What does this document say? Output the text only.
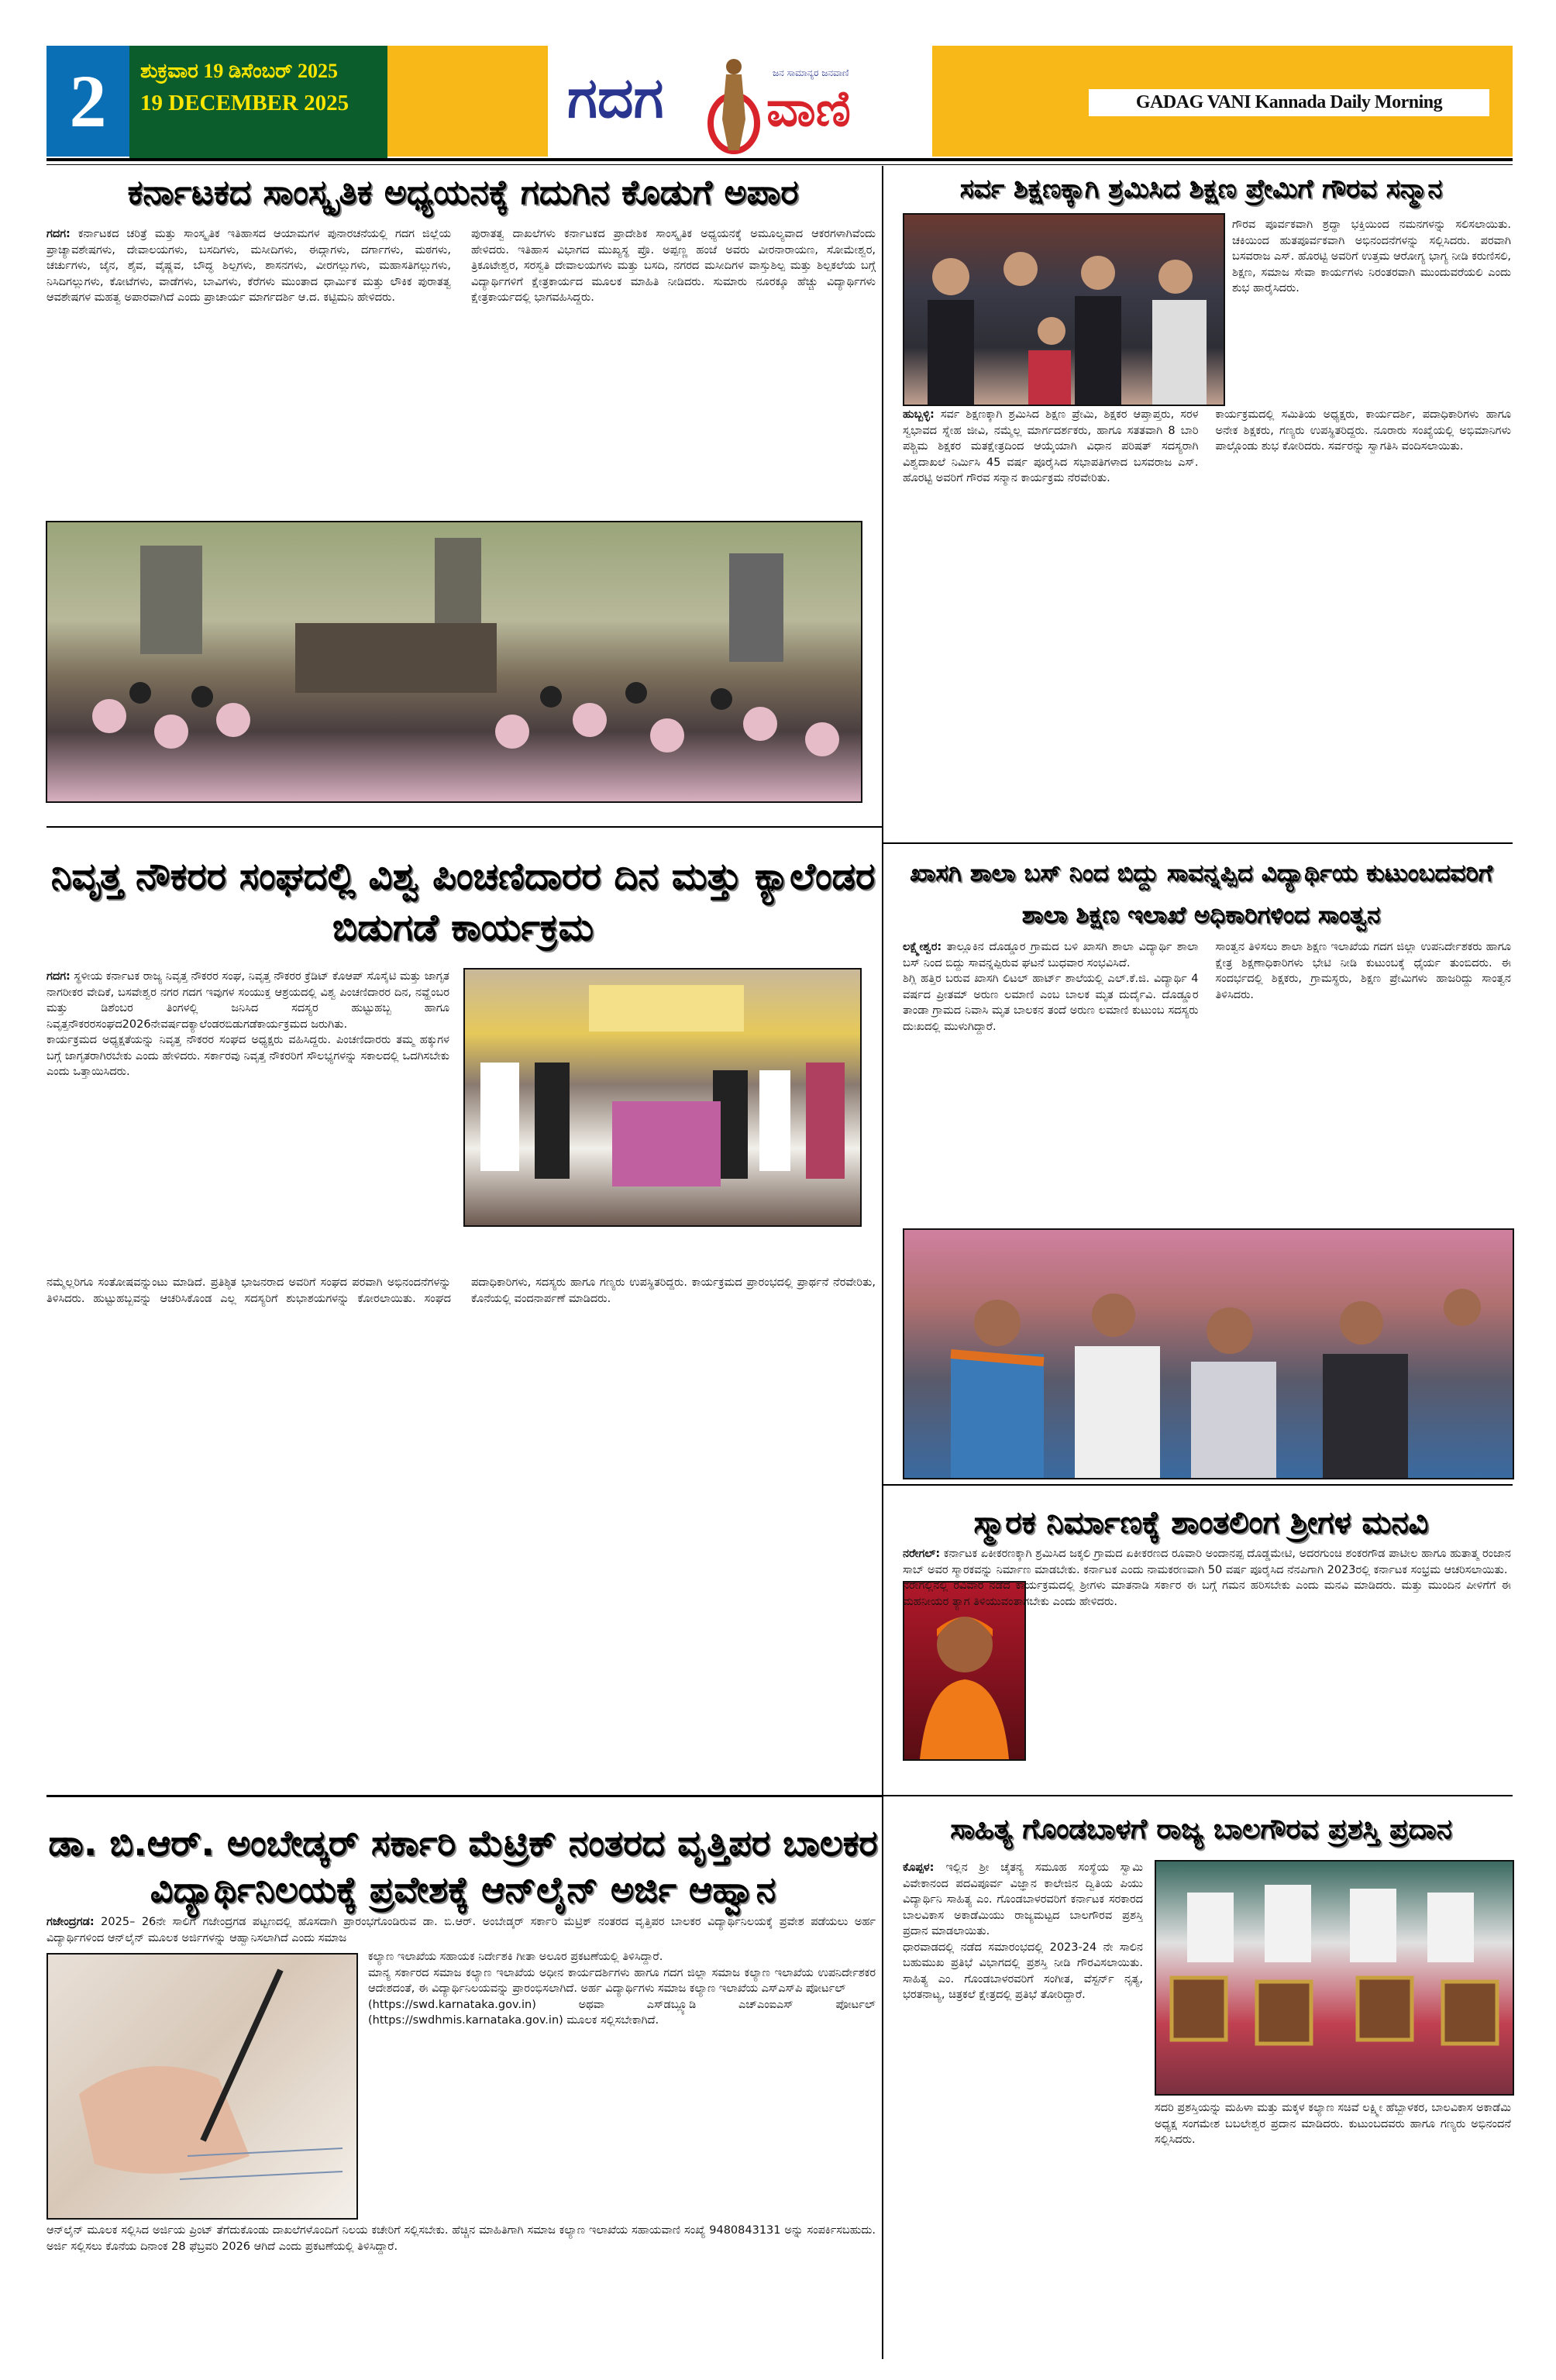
2	ಶುಕ್ರವಾರ 19 ಡಿಸೆಂಬರ್ 2025
19 DECEMBER 2025	ಗದಗ	ಜನ ಸಾಮಾನ್ಯರ ಜನವಾಣಿ
ವಾಣಿ	GADAG VANI Kannada Daily Morning
ಕರ್ನಾಟಕದ ಸಾಂಸ್ಕೃತಿಕ ಅಧ್ಯಯನಕ್ಕೆ ಗದುಗಿನ ಕೊಡುಗೆ ಅಪಾರ

ಗದಗ: ಕರ್ನಾಟಕದ ಚರಿತ್ರೆ ಮತ್ತು ಸಾಂಸ್ಕೃತಿಕ ಇತಿಹಾಸದ ಆಯಾಮಗಳ ಪುನಾರಚನೆಯಲ್ಲಿ ಗದಗ ಜಿಲ್ಲೆಯ ಪ್ರಾಚ್ಯಾವಶೇಷಗಳು, ದೇವಾಲಯಗಳು, ಬಸದಿಗಳು, ಮಸೀದಿಗಳು, ಈದ್ಗಾಗಳು, ದರ್ಗಾಗಳು, ಮಠಗಳು, ಚರ್ಚುಗಳು, ಜೈನ, ಶೈವ, ವೈಷ್ಣವ, ಬೌದ್ಧ ಶಿಲ್ಪಗಳು, ಶಾಸನಗಳು, ವೀರಗಲ್ಲುಗಳು, ಮಹಾಸತಿಗಲ್ಲುಗಳು, ನಿಸಿದಿಗಲ್ಲುಗಳು, ಕೋಟೆಗಳು, ವಾಡೆಗಳು, ಬಾವಿಗಳು, ಕೆರೆಗಳು ಮುಂತಾದ ಧಾರ್ಮಿಕ ಮತ್ತು ಲೌಕಿಕ ಪುರಾತತ್ವ ಆವಶೇಷಗಳ ಮಹತ್ವ ಅಪಾರವಾಗಿದೆ ಎಂದು ಪ್ರಾಚಾರ್ಯ ಮಾರ್ಗದರ್ಶಿ ಆ.ದ. ಕಟ್ಟಿಮನಿ ಹೇಳಿದರು.

ಪುರಾತತ್ವ ದಾಖಲೆಗಳು ಕರ್ನಾಟಕದ ಪ್ರಾದೇಶಿಕ ಸಾಂಸ್ಕೃತಿಕ ಅಧ್ಯಯನಕ್ಕೆ ಅಮೂಲ್ಯವಾದ ಆಕರಗಳಾಗಿವೆಂದು ಹೇಳಿದರು. ಇತಿಹಾಸ ವಿಭಾಗದ ಮುಖ್ಯಸ್ಥ ಪ್ರೊ. ಅಪ್ಪಣ್ಣ ಹಂಜೆ ಅವರು ವೀರನಾರಾಯಣ, ಸೋಮೇಶ್ವರ, ತ್ರಿಕೂಟೇಶ್ವರ, ಸರಸ್ವತಿ ದೇವಾಲಯಗಳು ಮತ್ತು ಬಸದಿ, ನಗರದ ಮಸೀದಿಗಳ ವಾಸ್ತುಶಿಲ್ಪ ಮತ್ತು ಶಿಲ್ಪಕಲೆಯ ಬಗ್ಗೆ ವಿದ್ಯಾರ್ಥಿಗಳಿಗೆ ಕ್ಷೇತ್ರಕಾರ್ಯದ ಮೂಲಕ ಮಾಹಿತಿ ನೀಡಿದರು. ಸುಮಾರು ನೂರಕ್ಕೂ ಹೆಚ್ಚು ವಿದ್ಯಾರ್ಥಿಗಳು ಕ್ಷೇತ್ರಕಾರ್ಯದಲ್ಲಿ ಭಾಗವಹಿಸಿದ್ದರು.

ನಿವೃತ್ತ ನೌಕರರ ಸಂಘದಲ್ಲಿ ವಿಶ್ವ ಪಿಂಚಣಿದಾರರ ದಿನ ಮತ್ತು ಕ್ಯಾಲೆಂಡರ ಬಿಡುಗಡೆ ಕಾರ್ಯಕ್ರಮ

ಗದಗ: ಸ್ಥಳೀಯ ಕರ್ನಾಟಕ ರಾಜ್ಯ ನಿವೃತ್ತ ನೌಕರರ ಸಂಘ, ನಿವೃತ್ತ ನೌಕರರ ಕ್ರೆಡಿಟ್ ಕೊಆಪ್ ಸೊಸೈಟಿ ಮತ್ತು ಜಾಗೃತ ನಾಗರೀಕರ ವೇದಿಕೆ, ಬಸವೇಶ್ವರ ನಗರ ಗದಗ ಇವುಗಳ ಸಂಯುಕ್ತ ಆಶ್ರಯದಲ್ಲಿ ವಿಶ್ವ ಪಿಂಚಣಿದಾರರ ದಿನ, ನವ್ಹೆಂಬರ ಮತ್ತು ಡಿಶೆಂಬರ ತಿಂಗಳಲ್ಲಿ ಜನಿಸಿದ ಸದಸ್ಯರ ಹುಟ್ಟುಹಬ್ಬ ಹಾಗೂ ನಿವೃತ್ತನೌಕರರಸಂಘದ2026ನೇವರ್ಷದಕ್ಯಾಲೆಂಡರಬಿಡುಗಡೆಕಾರ್ಯಕ್ರಮದ ಜರುಗಿತು.

ಕಾರ್ಯಕ್ರಮದ ಅಧ್ಯಕ್ಷತೆಯನ್ನು ನಿವೃತ್ತ ನೌಕರರ ಸಂಘದ ಅಧ್ಯಕ್ಷರು ವಹಿಸಿದ್ದರು. ಪಿಂಚಣಿದಾರರು ತಮ್ಮ ಹಕ್ಕುಗಳ ಬಗ್ಗೆ ಜಾಗೃತರಾಗಿರಬೇಕು ಎಂದು ಹೇಳಿದರು. ಸರ್ಕಾರವು ನಿವೃತ್ತ ನೌಕರರಿಗೆ ಸೌಲಭ್ಯಗಳನ್ನು ಸಕಾಲದಲ್ಲಿ ಒದಗಿಸಬೇಕು ಎಂದು ಒತ್ತಾಯಿಸಿದರು.

ನಮ್ಮೆಲ್ಲರಿಗೂ ಸಂತೋಷವನ್ನುಂಟು ಮಾಡಿದೆ. ಪ್ರತಿಶ್ಠಿತ ಭಾಜನರಾದ ಅವರಿಗೆ ಸಂಘದ ಪರವಾಗಿ ಅಭಿನಂದನೆಗಳನ್ನು ತಿಳಿಸಿದರು. ಹುಟ್ಟುಹಬ್ಬವನ್ನು ಆಚರಿಸಿಕೊಂಡ ಎಲ್ಲ ಸದಸ್ಯರಿಗೆ ಶುಭಾಶಯಗಳನ್ನು ಕೋರಲಾಯಿತು. ಸಂಘದ ಪದಾಧಿಕಾರಿಗಳು, ಸದಸ್ಯರು ಹಾಗೂ ಗಣ್ಯರು ಉಪಸ್ಥಿತರಿದ್ದರು. ಕಾರ್ಯಕ್ರಮದ ಪ್ರಾರಂಭದಲ್ಲಿ ಪ್ರಾರ್ಥನೆ ನೆರವೇರಿತು, ಕೊನೆಯಲ್ಲಿ ವಂದನಾರ್ಪಣೆ ಮಾಡಿದರು.

ಡಾ. ಬಿ.ಆರ್. ಅಂಬೇಡ್ಕರ್ ಸರ್ಕಾರಿ ಮೆಟ್ರಿಕ್ ನಂತರದ ವೃತ್ತಿಪರ ಬಾಲಕರ ವಿದ್ಯಾರ್ಥಿನಿಲಯಕ್ಕೆ ಪ್ರವೇಶಕ್ಕೆ ಆನ್‌ಲೈನ್ ಅರ್ಜಿ ಆಹ್ವಾನ

ಗಜೇಂದ್ರಗಡ: 2025– 26ನೇ ಸಾಲಿಗೆ ಗಜೇಂದ್ರಗಡ ಪಟ್ಟಣದಲ್ಲಿ ಹೊಸದಾಗಿ ಪ್ರಾರಂಭಗೊಂಡಿರುವ ಡಾ. ಬಿ.ಆರ್. ಅಂಬೇಡ್ಕರ್ ಸರ್ಕಾರಿ ಮೆಟ್ರಿಕ್ ನಂತರದ ವೃತ್ತಿಪರ ಬಾಲಕರ ವಿದ್ಯಾರ್ಥಿನಿಲಯಕ್ಕೆ ಪ್ರವೇಶ ಪಡೆಯಲು ಅರ್ಹ ವಿದ್ಯಾರ್ಥಿಗಳಿಂದ ಆನ್‌ಲೈನ್ ಮೂಲಕ ಅರ್ಜಿಗಳನ್ನು ಆಹ್ವಾನಿಸಲಾಗಿದೆ ಎಂದು ಸಮಾಜ

ಕಲ್ಯಾಣ ಇಲಾಖೆಯ ಸಹಾಯಕ ನಿರ್ದೇಶಕಿ ಗೀತಾ ಅಲೂರ ಪ್ರಕಟಣೆಯಲ್ಲಿ ತಿಳಿಸಿದ್ದಾರೆ.

ಮಾನ್ಯ ಸರ್ಕಾರದ ಸಮಾಜ ಕಲ್ಯಾಣ ಇಲಾಖೆಯ ಅಧೀನ ಕಾರ್ಯದರ್ಶಿಗಳು ಹಾಗೂ ಗದಗ ಜಿಲ್ಲಾ ಸಮಾಜ ಕಲ್ಯಾಣ ಇಲಾಖೆಯ ಉಪನಿರ್ದೇಶಕರ ಆದೇಶದಂತೆ, ಈ ವಿದ್ಯಾರ್ಥಿನಿಲಯವನ್ನು ಪ್ರಾರಂಭಿಸಲಾಗಿದೆ. ಅರ್ಹ ವಿದ್ಯಾರ್ಥಿಗಳು ಸಮಾಜ ಕಲ್ಯಾಣ ಇಲಾಖೆಯ ಎಸ್‌ಎಸ್‌ಪಿ ಪೋರ್ಟಲ್

(https://swd.karnataka.gov.in) ಅಥವಾ ಎಸ್‌ಡಬ್ಲ್ಯೂಡಿ ಎಚ್‌ಎಂಐಎಸ್ ಪೋರ್ಟಲ್ (https://swdhmis.karnataka.gov.in) ಮೂಲಕ ಸಲ್ಲಿಸಬೇಕಾಗಿದೆ.

ಆನ್‌ಲೈನ್ ಮೂಲಕ ಸಲ್ಲಿಸಿದ ಅರ್ಜಿಯ ಪ್ರಿಂಟ್ ತೆಗೆದುಕೊಂಡು ದಾಖಲೆಗಳೊಂದಿಗೆ ನಿಲಯ ಕಚೇರಿಗೆ ಸಲ್ಲಿಸಬೇಕು. ಹೆಚ್ಚಿನ ಮಾಹಿತಿಗಾಗಿ ಸಮಾಜ ಕಲ್ಯಾಣ ಇಲಾಖೆಯ ಸಹಾಯವಾಣಿ ಸಂಖ್ಯೆ 9480843131 ಅನ್ನು ಸಂಪರ್ಕಿಸಬಹುದು. ಅರ್ಜಿ ಸಲ್ಲಿಸಲು ಕೊನೆಯ ದಿನಾಂಕ 28 ಫೆಬ್ರವರಿ 2026 ಆಗಿದೆ ಎಂದು ಪ್ರಕಟಣೆಯಲ್ಲಿ ತಿಳಿಸಿದ್ದಾರೆ.

ಸರ್ವ ಶಿಕ್ಷಣಕ್ಕಾಗಿ ಶ್ರಮಿಸಿದ ಶಿಕ್ಷಣ ಪ್ರೇಮಿಗೆ ಗೌರವ ಸನ್ಮಾನ
ಗೌರವ ಪೂರ್ವಕವಾಗಿ ಶ್ರದ್ಧಾ ಭಕ್ತಿಯಿಂದ ನಮನಗಳನ್ನು ಸಲಿಸಲಾಯಿತು. ಚಕಿಯಿಂದ ಹುತಪೂರ್ವಕವಾಗಿ ಅಭಿನಂದನೆಗಳನ್ನು ಸಲ್ಲಿಸಿದರು. ಪರವಾಗಿ ಬಸವರಾಜ ಎಸ್. ಹೊರಟ್ಟಿ ಅವರಿಗೆ ಉತ್ತಮ ಆರೋಗ್ಯ ಭಾಗ್ಯ ನೀಡಿ ಕರುಣಿಸಲಿ, ಶಿಕ್ಷಣ, ಸಮಾಜ ಸೇವಾ ಕಾರ್ಯಗಳು ನಿರಂತರವಾಗಿ ಮುಂದುವರೆಯಲಿ ಎಂದು ಶುಭ ಹಾರೈಸಿದರು.

ಹುಬ್ಬಳ್ಳಿ: ಸರ್ವ ಶಿಕ್ಷಣಕ್ಕಾಗಿ ಶ್ರಮಿಸಿದ ಶಿಕ್ಷಣ ಪ್ರೇಮಿ, ಶಿಕ್ಷಕರ ಆಪ್ತಾಪ್ತರು, ಸರಳ ಸ್ವಭಾವದ ಸ್ನೇಹ ಜೀವಿ, ನಮ್ಮೆಲ್ಲ ಮಾರ್ಗದರ್ಶಕರು, ಹಾಗೂ ಸತತವಾಗಿ 8 ಬಾರಿ ಪಶ್ಚಿಮ ಶಿಕ್ಷಕರ ಮತಕ್ಷೇತ್ರದಿಂದ ಆಯ್ಕೆಯಾಗಿ ವಿಧಾನ ಪರಿಷತ್ ಸದಸ್ಯರಾಗಿ ವಿಶ್ವದಾಖಲೆ ನಿರ್ಮಿಸಿ 45 ವರ್ಷ ಪೂರೈಸಿದ ಸಭಾಪತಿಗಳಾದ ಬಸವರಾಜ ಎಸ್. ಹೊರಟ್ಟಿ ಅವರಿಗೆ ಗೌರವ ಸನ್ಮಾನ ಕಾರ್ಯಕ್ರಮ ನೆರವೇರಿತು.

ಕಾರ್ಯಕ್ರಮದಲ್ಲಿ ಸಮಿತಿಯ ಅಧ್ಯಕ್ಷರು, ಕಾರ್ಯದರ್ಶಿ, ಪದಾಧಿಕಾರಿಗಳು ಹಾಗೂ ಅನೇಕ ಶಿಕ್ಷಕರು, ಗಣ್ಯರು ಉಪಸ್ಥಿತರಿದ್ದರು. ನೂರಾರು ಸಂಖ್ಯೆಯಲ್ಲಿ ಅಭಿಮಾನಿಗಳು ಪಾಲ್ಗೊಂಡು ಶುಭ ಕೋರಿದರು. ಸರ್ವರನ್ನು ಸ್ವಾಗತಿಸಿ ವಂದಿಸಲಾಯಿತು.

ಖಾಸಗಿ ಶಾಲಾ ಬಸ್ ನಿಂದ ಬಿದ್ದು ಸಾವನ್ನಪ್ಪಿದ ವಿದ್ಯಾರ್ಥಿಯ ಕುಟುಂಬದವರಿಗೆ ಶಾಲಾ ಶಿಕ್ಷಣ ಇಲಾಖೆ ಅಧಿಕಾರಿಗಳಿಂದ ಸಾಂತ್ವನ

ಲಕ್ಷ್ಮೇಶ್ವರ: ತಾಲ್ಲೂಕಿನ ದೊಡ್ಡೂರ ಗ್ರಾಮದ ಬಳಿ ಖಾಸಗಿ ಶಾಲಾ ವಿದ್ಯಾರ್ಥಿ ಶಾಲಾ ಬಸ್ ನಿಂದ ಬಿದ್ದು ಸಾವನ್ನಪ್ಪಿರುವ ಘಟನೆ ಬುಧವಾರ ಸಂಭವಿಸಿದೆ.

ಶಿಗ್ಲಿ ಹತ್ತಿರ ಬರುವ ಖಾಸಗಿ ಲಿಟಲ್ ಹಾರ್ಟ್ ಶಾಲೆಯಲ್ಲಿ ಎಲ್.ಕೆ.ಜಿ. ವಿದ್ಯಾರ್ಥಿ 4 ವರ್ಷದ ಪ್ರೀತಮ್ ಅರುಣ ಲಮಾಣಿ ಎಂಬ ಬಾಲಕ ಮೃತ ದುರ್ದೈವಿ. ದೊಡ್ಡೂರ ತಾಂಡಾ ಗ್ರಾಮದ ನಿವಾಸಿ ಮೃತ ಬಾಲಕನ ತಂದೆ ಅರುಣ ಲಮಾಣಿ ಕುಟುಂಬ ಸದಸ್ಯರು ದುಃಖದಲ್ಲಿ ಮುಳುಗಿದ್ದಾರೆ.

ಸಾಂತ್ವನ ತಿಳಿಸಲು ಶಾಲಾ ಶಿಕ್ಷಣ ಇಲಾಖೆಯ ಗದಗ ಜಿಲ್ಲಾ ಉಪನಿರ್ದೇಶಕರು ಹಾಗೂ ಕ್ಷೇತ್ರ ಶಿಕ್ಷಣಾಧಿಕಾರಿಗಳು ಭೇಟಿ ನೀಡಿ ಕುಟುಂಬಕ್ಕೆ ಧೈರ್ಯ ತುಂಬಿದರು. ಈ ಸಂದರ್ಭದಲ್ಲಿ ಶಿಕ್ಷಕರು, ಗ್ರಾಮಸ್ಥರು, ಶಿಕ್ಷಣ ಪ್ರೇಮಿಗಳು ಹಾಜರಿದ್ದು ಸಾಂತ್ವನ ತಿಳಿಸಿದರು.

ಸ್ಮಾರಕ ನಿರ್ಮಾಣಕ್ಕೆ ಶಾಂತಲಿಂಗ ಶ್ರೀಗಳ ಮನವಿ

ನರೇಗಲ್: ಕರ್ನಾಟಕ ಏಕೀಕರಣಕ್ಕಾಗಿ ಶ್ರಮಿಸಿದ ಜಕ್ಕಲಿ ಗ್ರಾಮದ ಏಕೀಕರಣದ ರೂವಾರಿ ಅಂದಾನಪ್ಪ ದೊಡ್ಡಮೇಟಿ, ಅದರಗುಂಚಿ ಶಂಕರಗೌಡ ಪಾಟೀಲ ಹಾಗೂ ಹುತಾತ್ಮ ರಂಜಾನ ಸಾಬ್ ಅವರ ಸ್ಮಾರಕವನ್ನು ನಿರ್ಮಾಣ ಮಾಡಬೇಕು. ಕರ್ನಾಟಕ ಎಂದು ನಾಮಕರಣವಾಗಿ 50 ವರ್ಷ ಪೂರೈಸಿದ ನೆನಪಿಗಾಗಿ 2023ರಲ್ಲಿ ಕರ್ನಾಟಕ ಸಂಭ್ರಮ ಆಚರಿಸಲಾಯಿತು.

ನರೇಗಲ್ಲಿನಲ್ಲಿ ರವಿವಾರ ನಡೆದ ಕಾರ್ಯಕ್ರಮದಲ್ಲಿ ಶ್ರೀಗಳು ಮಾತನಾಡಿ ಸರ್ಕಾರ ಈ ಬಗ್ಗೆ ಗಮನ ಹರಿಸಬೇಕು ಎಂದು ಮನವಿ ಮಾಡಿದರು. ಮತ್ತು ಮುಂದಿನ ಪೀಳಿಗೆಗೆ ಈ ಮಹನೀಯರ ತ್ಯಾಗ ತಿಳಿಯುವಂತಾಗಬೇಕು ಎಂದು ಹೇಳಿದರು.

ಸಾಹಿತ್ಯ ಗೊಂಡಬಾಳಗೆ ರಾಜ್ಯ ಬಾಲಗೌರವ ಪ್ರಶಸ್ತಿ ಪ್ರದಾನ

ಕೊಪ್ಪಳ: ಇಲ್ಲಿನ ಶ್ರೀ ಚೈತನ್ಯ ಸಮೂಹ ಸಂಸ್ಥೆಯ ಸ್ವಾಮಿ ವಿವೇಕಾನಂದ ಪದವಿಪೂರ್ವ ವಿಜ್ಞಾನ ಕಾಲೇಜಿನ ದ್ವಿತಿಯ ಪಿಯು ವಿದ್ಯಾರ್ಥಿನಿ ಸಾಹಿತ್ಯ ಎಂ. ಗೊಂಡಬಾಳರವರಿಗೆ ಕರ್ನಾಟಕ ಸರಕಾರದ ಬಾಲವಿಕಾಸ ಅಕಾಡೆಮಿಯು ರಾಜ್ಯಮಟ್ಟದ ಬಾಲಗೌರವ ಪ್ರಶಸ್ತಿ ಪ್ರದಾನ ಮಾಡಲಾಯಿತು.

ಧಾರವಾಡದಲ್ಲಿ ನಡೆದ ಸಮಾರಂಭದಲ್ಲಿ 2023-24 ನೇ ಸಾಲಿನ ಬಹುಮುಖ ಪ್ರತಿಭೆ ವಿಭಾಗದಲ್ಲಿ ಪ್ರಶಸ್ತಿ ನೀಡಿ ಗೌರವಿಸಲಾಯಿತು. ಸಾಹಿತ್ಯ ಎಂ. ಗೊಂಡಬಾಳರವರಿಗೆ ಸಂಗೀತ, ವೆಸ್ಟರ್ನ್ ನೃತ್ಯ, ಭರತನಾಟ್ಯ, ಚಿತ್ರಕಲೆ ಕ್ಷೇತ್ರದಲ್ಲಿ ಪ್ರತಿಭೆ ತೋರಿದ್ದಾರೆ.

ಸದರಿ ಪ್ರಶಸ್ತಿಯನ್ನು ಮಹಿಳಾ ಮತ್ತು ಮಕ್ಕಳ ಕಲ್ಯಾಣ ಸಚಿವೆ ಲಕ್ಷ್ಮೀ ಹೆಬ್ಬಾಳಕರ, ಬಾಲವಿಕಾಸ ಅಕಾಡೆಮಿ ಅಧ್ಯಕ್ಷ ಸಂಗಮೇಶ ಬಬಲೇಶ್ವರ ಪ್ರದಾನ ಮಾಡಿದರು. ಕುಟುಂಬದವರು ಹಾಗೂ ಗಣ್ಯರು ಅಭಿನಂದನೆ ಸಲ್ಲಿಸಿದರು.
